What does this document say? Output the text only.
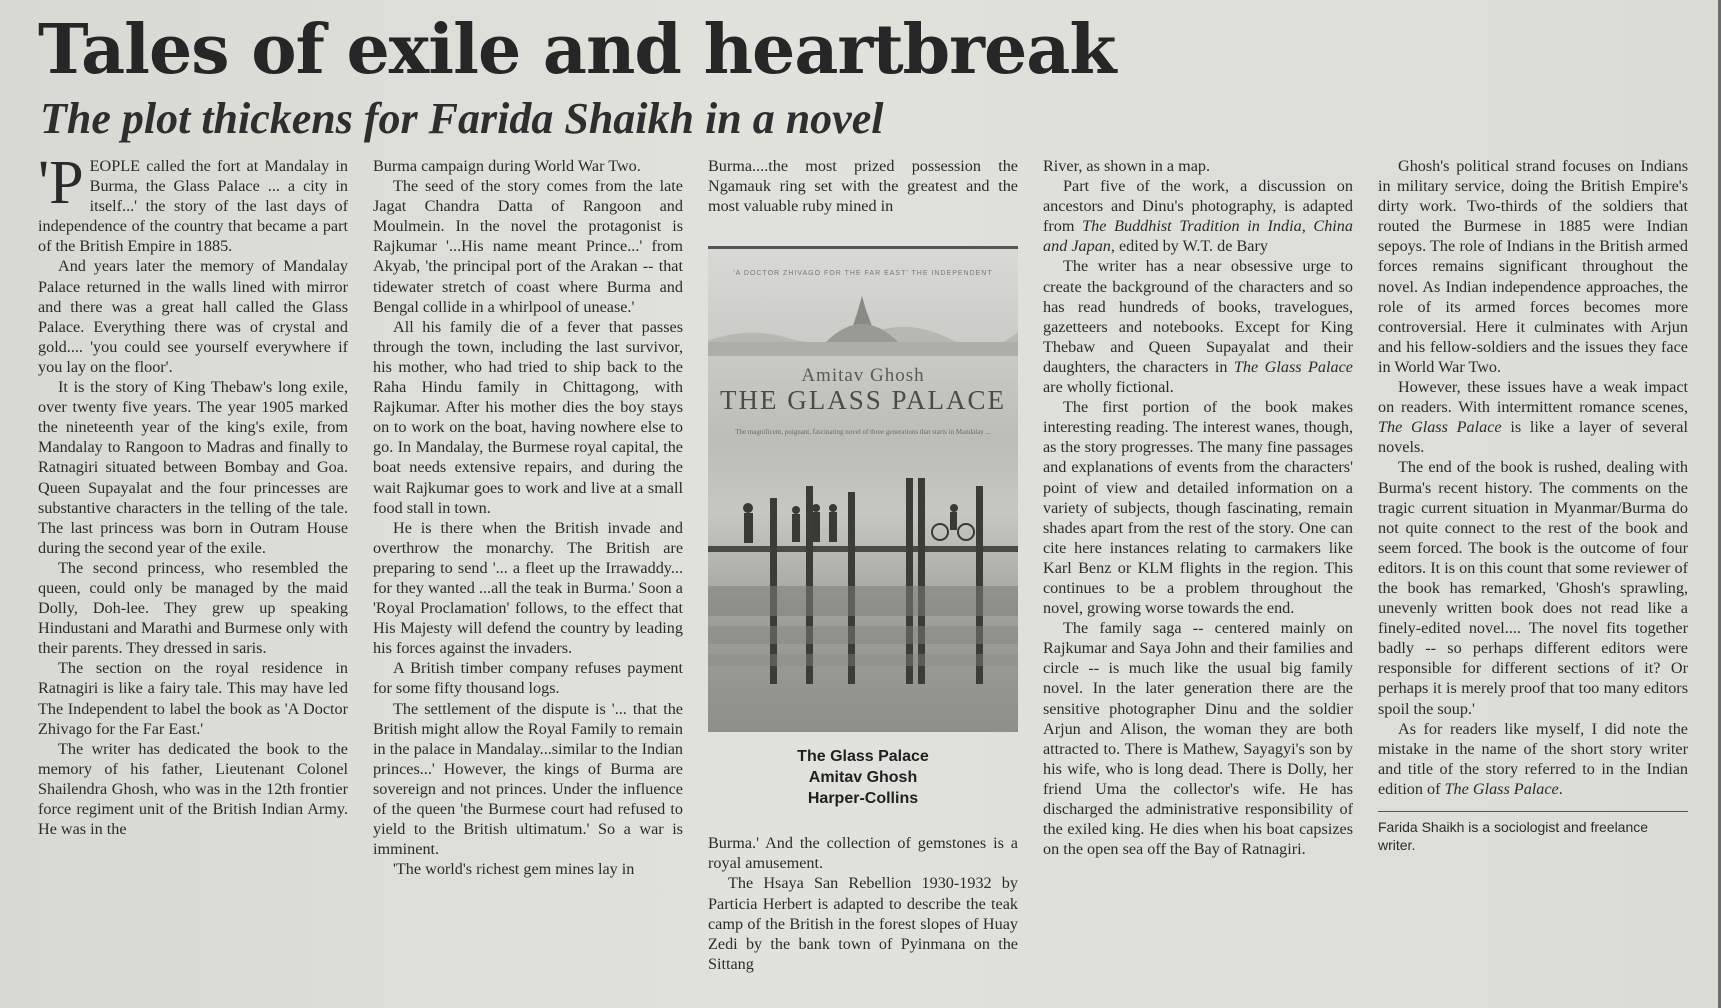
Tales of exile and heartbreak
The plot thickens for Farida Shaikh in a novel

'PEOPLE called the fort at Mandalay in Burma, the Glass Palace ... a city in itself...' the story of the last days of independence of the country that became a part of the British Empire in 1885.

And years later the memory of Mandalay Palace returned in the walls lined with mirror and there was a great hall called the Glass Palace. Everything there was of crystal and gold.... 'you could see yourself everywhere if you lay on the floor'.

It is the story of King Thebaw's long exile, over twenty five years. The year 1905 marked the nineteenth year of the king's exile, from Mandalay to Rangoon to Madras and finally to Ratnagiri situated between Bombay and Goa. Queen Supayalat and the four princesses are substantive characters in the telling of the tale. The last princess was born in Outram House during the second year of the exile.

The second princess, who resembled the queen, could only be managed by the maid Dolly, Doh-lee. They grew up speaking Hindustani and Marathi and Burmese only with their parents. They dressed in saris.

The section on the royal residence in Ratnagiri is like a fairy tale. This may have led The Independent to label the book as 'A Doctor Zhivago for the Far East.'

The writer has dedicated the book to the memory of his father, Lieutenant Colonel Shailendra Ghosh, who was in the 12th frontier force regiment unit of the British Indian Army. He was in the

Burma campaign during World War Two.

The seed of the story comes from the late Jagat Chandra Datta of Rangoon and Moulmein. In the novel the protagonist is Rajkumar '...His name meant Prince...' from Akyab, 'the principal port of the Arakan -- that tidewater stretch of coast where Burma and Bengal collide in a whirlpool of unease.'

All his family die of a fever that passes through the town, including the last survivor, his mother, who had tried to ship back to the Raha Hindu family in Chittagong, with Rajkumar. After his mother dies the boy stays on to work on the boat, having nowhere else to go. In Mandalay, the Burmese royal capital, the boat needs extensive repairs, and during the wait Rajkumar goes to work and live at a small food stall in town.

He is there when the British invade and overthrow the monarchy. The British are preparing to send '... a fleet up the Irrawaddy... for they wanted ...all the teak in Burma.' Soon a 'Royal Proclamation' follows, to the effect that His Majesty will defend the country by leading his forces against the invaders.

A British timber company refuses payment for some fifty thousand logs.

The settlement of the dispute is '... that the British might allow the Royal Family to remain in the palace in Mandalay...similar to the Indian princes...' However, the kings of Burma are sovereign and not princes. Under the influence of the queen 'the Burmese court had refused to yield to the British ultimatum.' So a war is imminent.

'The world's richest gem mines lay in

Burma....the most prized possession the Ngamauk ring set with the greatest and the most valuable ruby mined in

'A DOCTOR ZHIVAGO FOR THE FAR EAST' THE INDEPENDENT
Amitav Ghosh
THE GLASS PALACE
The magnificent, poignant, fascinating novel of three generations that starts in Mandalay ...
The Glass Palace
Amitav Ghosh
Harper-Collins

Burma.' And the collection of gemstones is a royal amusement.

The Hsaya San Rebellion 1930-1932 by Particia Herbert is adapted to describe the teak camp of the British in the forest slopes of Huay Zedi by the bank town of Pyinmana on the Sittang

River, as shown in a map.

Part five of the work, a discussion on ancestors and Dinu's photography, is adapted from The Buddhist Tradition in India, China and Japan, edited by W.T. de Bary

The writer has a near obsessive urge to create the background of the characters and so has read hundreds of books, travelogues, gazetteers and notebooks. Except for King Thebaw and Queen Supayalat and their daughters, the characters in The Glass Palace are wholly fictional.

The first portion of the book makes interesting reading. The interest wanes, though, as the story progresses. The many fine passages and explanations of events from the characters' point of view and detailed information on a variety of subjects, though fascinating, remain shades apart from the rest of the story. One can cite here instances relating to carmakers like Karl Benz or KLM flights in the region. This continues to be a problem throughout the novel, growing worse towards the end.

The family saga -- centered mainly on Rajkumar and Saya John and their families and circle -- is much like the usual big family novel. In the later generation there are the sensitive photographer Dinu and the soldier Arjun and Alison, the woman they are both attracted to. There is Mathew, Sayagyi's son by his wife, who is long dead. There is Dolly, her friend Uma the collector's wife. He has discharged the administrative responsibility of the exiled king. He dies when his boat capsizes on the open sea off the Bay of Ratnagiri.

Ghosh's political strand focuses on Indians in military service, doing the British Empire's dirty work. Two-thirds of the soldiers that routed the Burmese in 1885 were Indian sepoys. The role of Indians in the British armed forces remains significant throughout the novel. As Indian independence approaches, the role of its armed forces becomes more controversial. Here it culminates with Arjun and his fellow-soldiers and the issues they face in World War Two.

However, these issues have a weak impact on readers. With intermittent romance scenes, The Glass Palace is like a layer of several novels.

The end of the book is rushed, dealing with Burma's recent history. The comments on the tragic current situation in Myanmar/Burma do not quite connect to the rest of the book and seem forced. The book is the outcome of four editors. It is on this count that some reviewer of the book has remarked, 'Ghosh's sprawling, unevenly written book does not read like a finely-edited novel.... The novel fits together badly -- so perhaps different editors were responsible for different sections of it? Or perhaps it is merely proof that too many editors spoil the soup.'

As for readers like myself, I did note the mistake in the name of the short story writer and title of the story referred to in the Indian edition of The Glass Palace.

Farida Shaikh is a sociologist and freelance writer.
